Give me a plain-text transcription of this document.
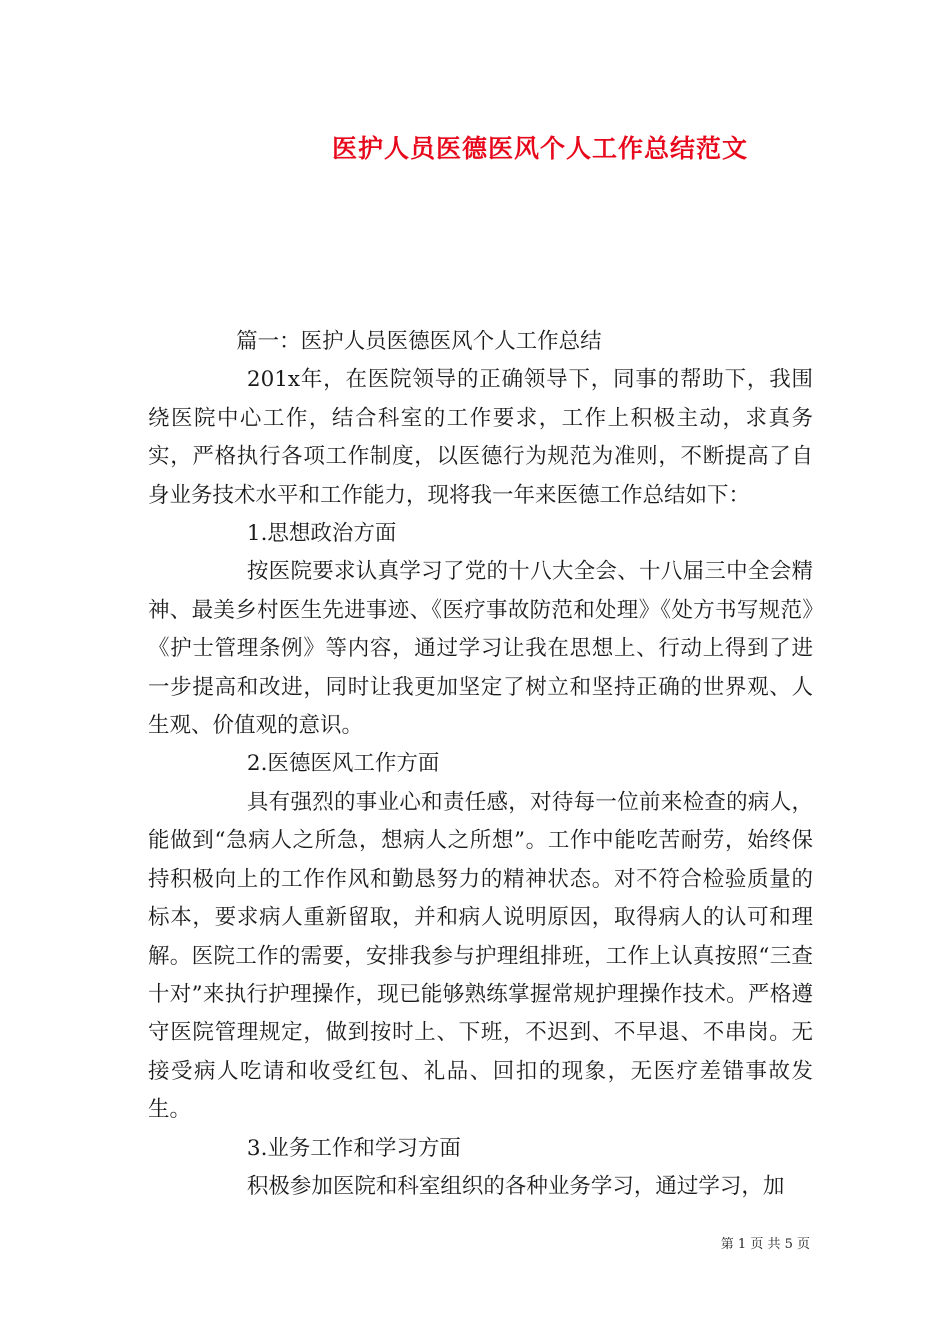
医护人员医德医风个人工作总结范文

篇一：医护人员医德医风个人工作总结

201x年，在医院领导的正确领导下，同事的帮助下，我围绕医院中心工作，结合科室的工作要求，工作上积极主动，求真务实，严格执行各项工作制度，以医德行为规范为准则，不断提高了自身业务技术水平和工作能力，现将我一年来医德工作总结如下：

1.思想政治方面

按医院要求认真学习了党的十八大全会、十八届三中全会精神、最美乡村医生先进事迹、《医疗事故防范和处理》《处方书写规范》《护士管理条例》等内容，通过学习让我在思想上、行动上得到了进一步提高和改进，同时让我更加坚定了树立和坚持正确的世界观、人生观、价值观的意识。

2.医德医风工作方面

具有强烈的事业心和责任感，对待每一位前来检查的病人，能做到“急病人之所急，想病人之所想”。工作中能吃苦耐劳，始终保持积极向上的工作作风和勤恳努力的精神状态。对不符合检验质量的标本，要求病人重新留取，并和病人说明原因，取得病人的认可和理解。医院工作的需要，安排我参与护理组排班，工作上认真按照“三查十对”来执行护理操作，现已能够熟练掌握常规护理操作技术。严格遵守医院管理规定，做到按时上、下班，不迟到、不早退、不串岗。无接受病人吃请和收受红包、礼品、回扣的现象，无医疗差错事故发生。

3.业务工作和学习方面

积极参加医院和科室组织的各种业务学习，通过学习，加

第 1 页 共 5 页
